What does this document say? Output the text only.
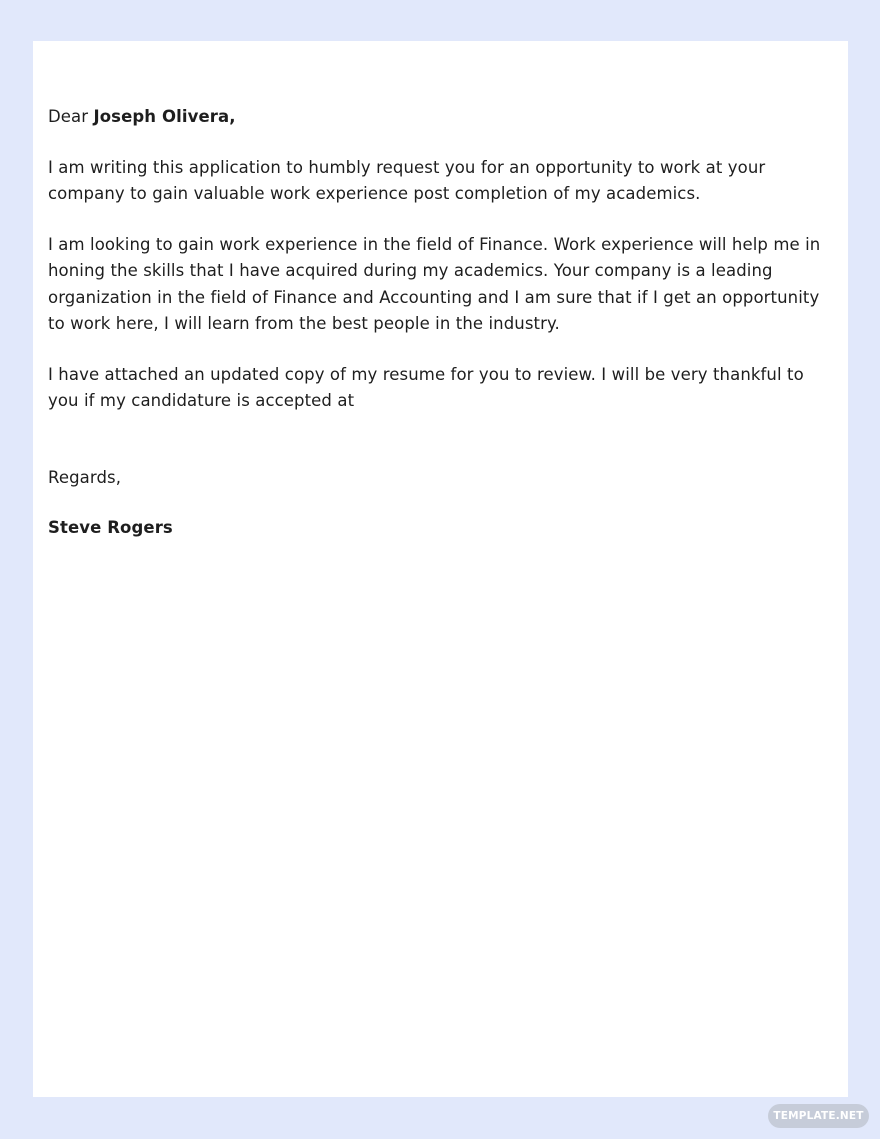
Dear Joseph Olivera,

I am writing this application to humbly request you for an opportunity to work at your company to gain valuable work experience post completion of my academics.

I am looking to gain work experience in the field of Finance. Work experience will help me in honing the skills that I have acquired during my academics. Your company is a leading organization in the field of Finance and Accounting and I am sure that if I get an opportunity to work here, I will learn from the best people in the industry.

I have attached an updated copy of my resume for you to review. I will be very thankful to you if my candidature is accepted at

Regards,

Steve Rogers

TEMPLATE.NET
